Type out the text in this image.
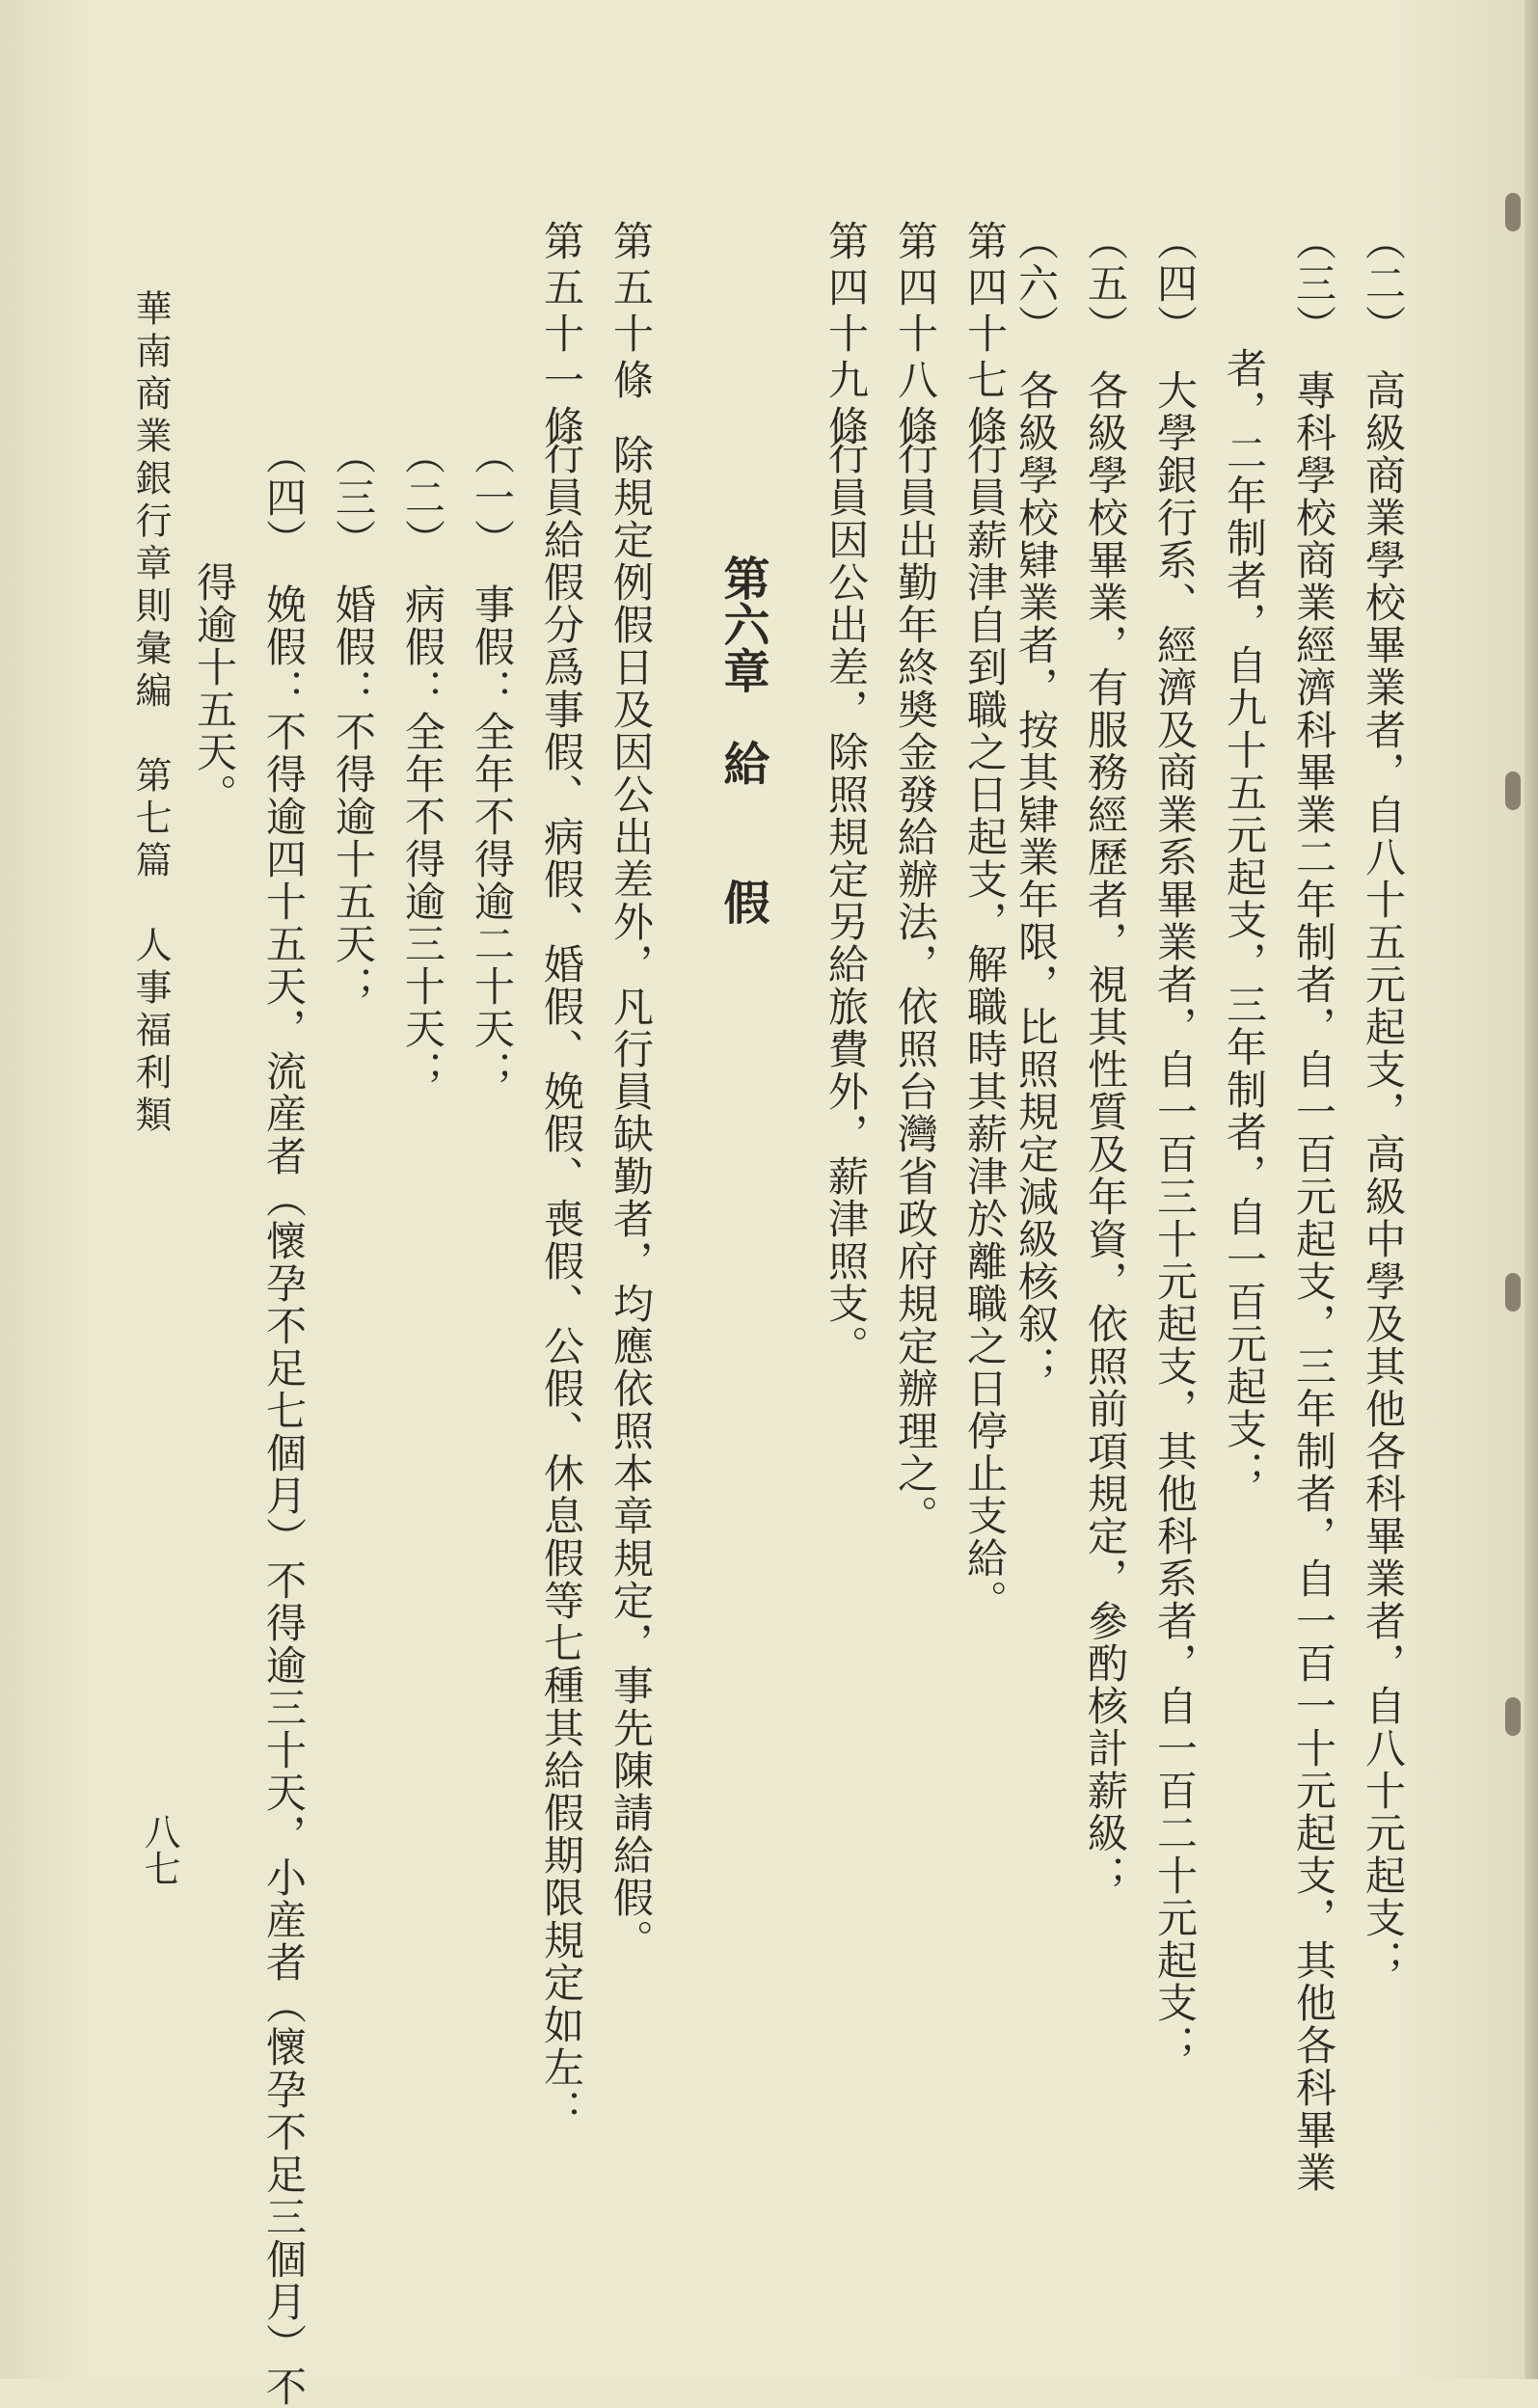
（二）　高級商業學校畢業者，自八十五元起支，高級中學及其他各科畢業者，自八十元起支；
（三）　專科學校商業經濟科畢業二年制者，自一百元起支，三年制者，自一百一十元起支，其他各科畢業
　　　者，二年制者，自九十五元起支，三年制者，自一百元起支；
（四）　大學銀行系、經濟及商業系畢業者，自一百三十元起支，其他科系者，自一百二十元起支；
（五）　各級學校畢業，有服務經歷者，視其性質及年資，依照前項規定，參酌核計薪級；
（六）　各級學校肄業者，按其肄業年限，比照規定減級核叙；
第四十七條
行員薪津自到職之日起支，解職時其薪津於離職之日停止支給。
第四十八條
行員出勤年終奬金發給辦法，依照台灣省政府規定辦理之。
第四十九條
行員因公出差，除照規定另給旅費外，薪津照支。
第六章　給　　假
第五十條
除規定例假日及因公出差外，凡行員缺勤者，均應依照本章規定，事先陳請給假。
第五十一條
行員給假分爲事假、病假、婚假、娩假、喪假、公假、休息假等七種其給假期限規定如左：
（一）　事假：全年不得逾二十天；
（二）　病假：全年不得逾三十天；
（三）　婚假：不得逾十五天；
（四）　娩假：不得逾四十五天，流産者（懷孕不足七個月）不得逾三十天，小産者（懷孕不足三個月）不
　　　得逾十五天。
華南商業銀行章則彙編　第七篇　人事福利類
八七
